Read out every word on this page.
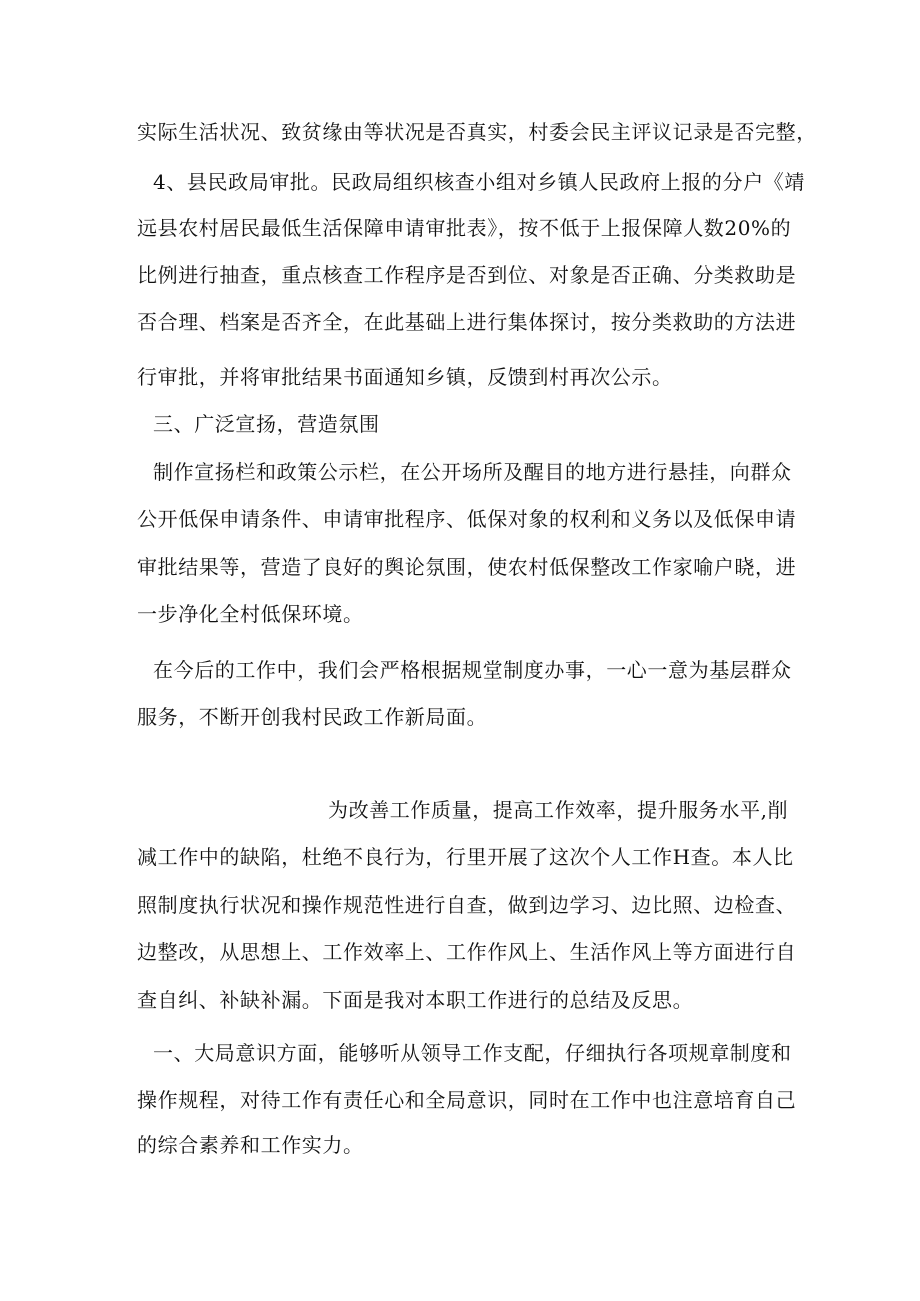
实际生活状况、致贫缘由等状况是否真实，村委会民主评议记录是否完整，
4、县民政局审批。民政局组织核查小组对乡镇人民政府上报的分户《靖
远县农村居民最低生活保障申请审批表》，按不低于上报保障人数20%的
比例进行抽查，重点核查工作程序是否到位、对象是否正确、分类救助是
否合理、档案是否齐全，在此基础上进行集体探讨，按分类救助的方法进
行审批，并将审批结果书面通知乡镇，反馈到村再次公示。
三、广泛宣扬，营造氛围
制作宣扬栏和政策公示栏，在公开场所及醒目的地方进行悬挂，向群众
公开低保申请条件、申请审批程序、低保对象的权利和义务以及低保申请
审批结果等，营造了良好的舆论氛围，使农村低保整改工作家喻户晓，进
一步净化全村低保环境。
在今后的工作中，我们会严格根据规堂制度办事，一心一意为基层群众
服务，不断开创我村民政工作新局面。
为改善工作质量，提高工作效率，提升服务水平,削
减工作中的缺陷，杜绝不良行为，行里开展了这次个人工作H查。本人比
照制度执行状况和操作规范性进行自查，做到边学习、边比照、边检查、
边整改，从思想上、工作效率上、工作作风上、生活作风上等方面进行自
查自纠、补缺补漏。下面是我对本职工作进行的总结及反思。
一、大局意识方面，能够听从领导工作支配，仔细执行各项规章制度和
操作规程，对待工作有责任心和全局意识，同时在工作中也注意培育自己
的综合素养和工作实力。
